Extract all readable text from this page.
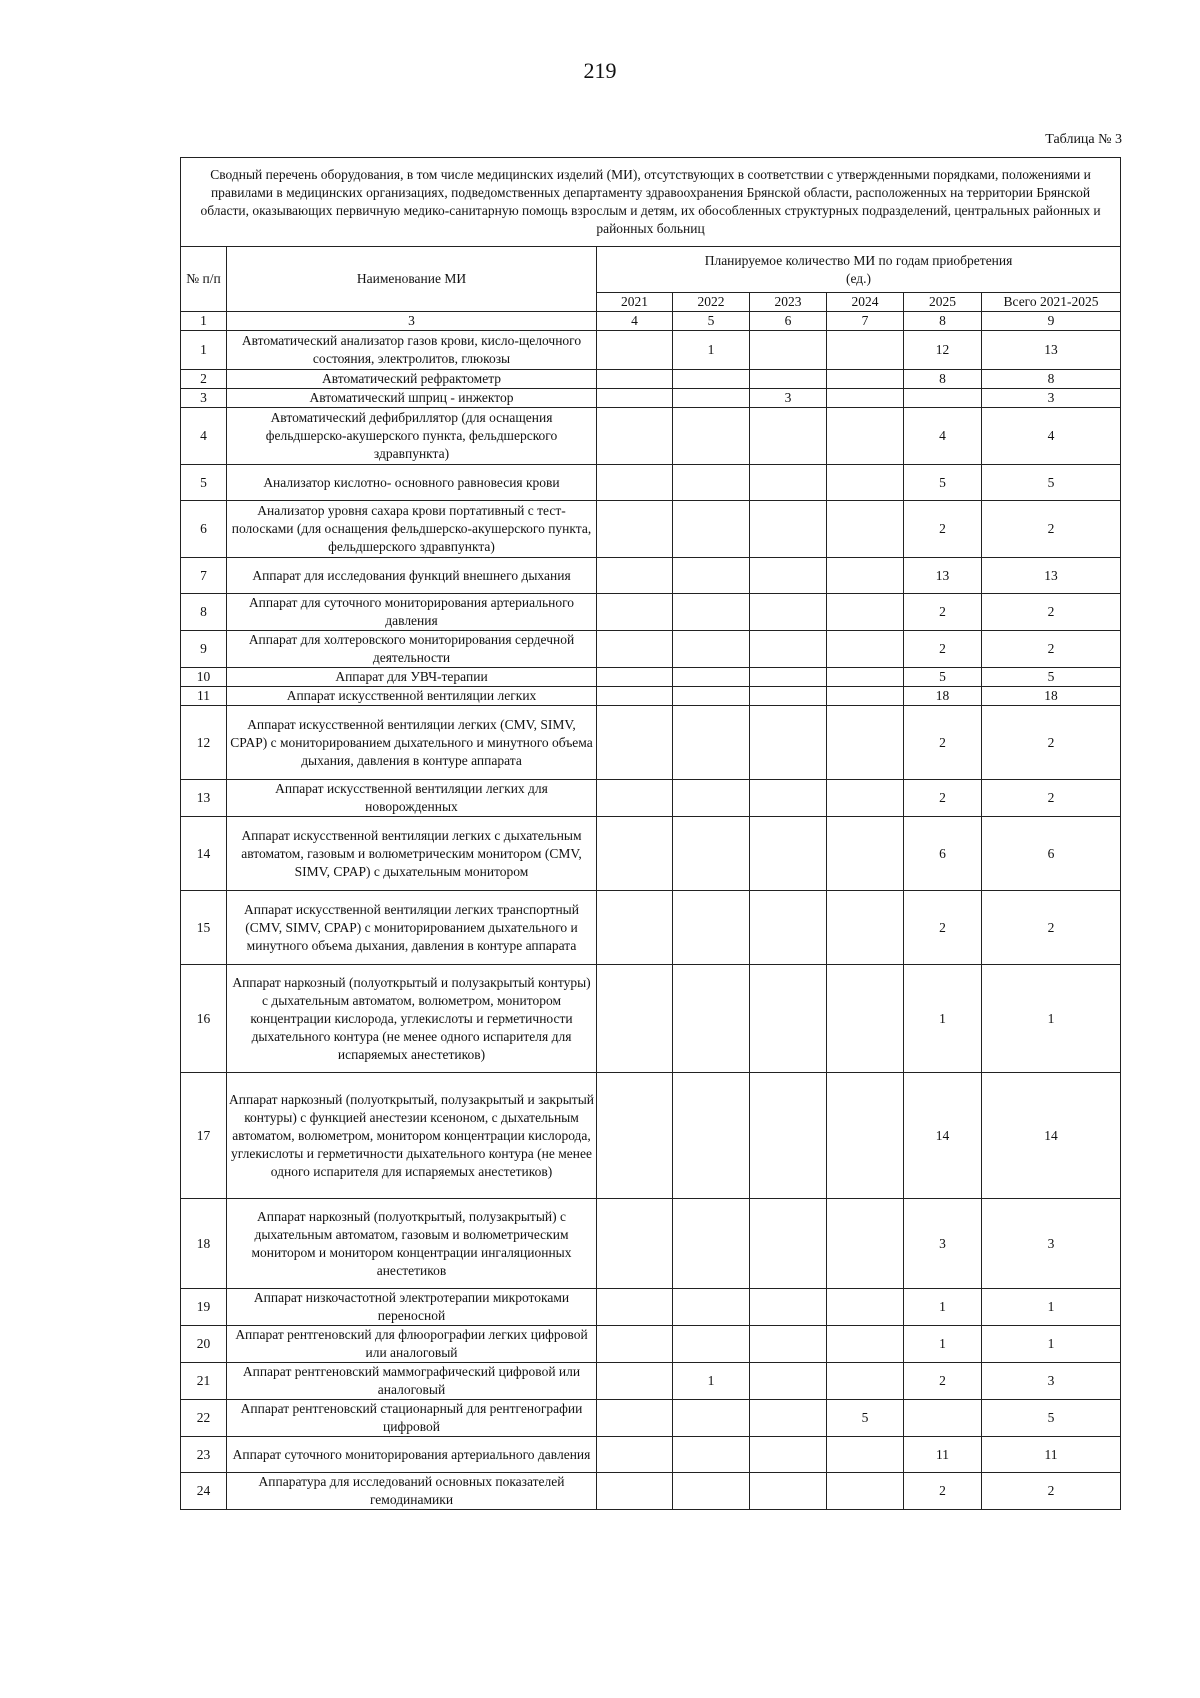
219
Таблица № 3
Сводный перечень оборудования, в том числе медицинских изделий (МИ), отсутствующих в соответствии с утвержденными порядками, положениями и правилами в медицинских организациях, подведомственных департаменту здравоохранения Брянской области, расположенных на территории Брянской области, оказывающих первичную медико-санитарную помощь взрослым и детям, их обособленных структурных подразделений, центральных районных и районных больниц							
№ п/п	Наименование МИ	Планируемое количество МИ по годам приобретения
(ед.)					

		2021	2022	2023	2024	2025	Всего 2021-2025
1	3	4	5	6	7	8	9
1	Автоматический анализатор газов крови, кисло-щелочного состояния, электролитов, глюкозы		1			12	13
2	Автоматический рефрактометр					8	8
3	Автоматический шприц - инжектор			3			3
4	Автоматический дефибриллятор (для оснащения фельдшерско-акушерского пункта, фельдшерского здравпункта)					4	4
5	Анализатор кислотно- основного равновесия крови					5	5
6	Анализатор уровня сахара крови портативный с тест-полосками (для оснащения фельдшерско-акушерского пункта, фельдшерского здравпункта)					2	2
7	Аппарат для исследования функций внешнего дыхания					13	13
8	Аппарат для суточного мониторирования артериального давления					2	2
9	Аппарат для холтеровского мониторирования сердечной деятельности					2	2
10	Аппарат для УВЧ-терапии					5	5
11	Аппарат искусственной вентиляции легких					18	18
12	Аппарат искусственной вентиляции легких (CMV, SIMV, CPAP) с мониторированием дыхательного и минутного объема дыхания, давления в контуре аппарата					2	2
13	Аппарат искусственной вентиляции легких для новорожденных					2	2
14	Аппарат искусственной вентиляции легких с дыхательным автоматом, газовым и волюметрическим монитором (CMV, SIMV, CPAP) с дыхательным монитором					6	6
15	Аппарат искусственной вентиляции легких транспортный (CMV, SIMV, CPAP) с мониторированием дыхательного и минутного объема дыхания, давления в контуре аппарата					2	2
16	Аппарат наркозный (полуоткрытый и полузакрытый контуры) с дыхательным автоматом, волюметром, монитором концентрации кислорода, углекислоты и герметичности дыхательного контура (не менее одного испарителя для испаряемых анестетиков)					1	1
17	Аппарат наркозный (полуоткрытый, полузакрытый и закрытый контуры) с функцией анестезии ксеноном, с дыхательным автоматом, волюметром, монитором концентрации кислорода, углекислоты и герметичности дыхательного контура (не менее одного испарителя для испаряемых анестетиков)					14	14
18	Аппарат наркозный (полуоткрытый, полузакрытый) с дыхательным автоматом, газовым и волюметрическим монитором и монитором концентрации ингаляционных анестетиков					3	3
19	Аппарат низкочастотной электротерапии микротоками переносной					1	1
20	Аппарат рентгеновский для флюорографии легких цифровой или аналоговый					1	1
21	Аппарат рентгеновский маммографический цифровой или аналоговый		1			2	3
22	Аппарат рентгеновский стационарный для рентгенографии цифровой				5		5
23	Аппарат суточного мониторирования артериального давления					11	11
24	Аппаратура для исследований основных показателей гемодинамики					2	2
